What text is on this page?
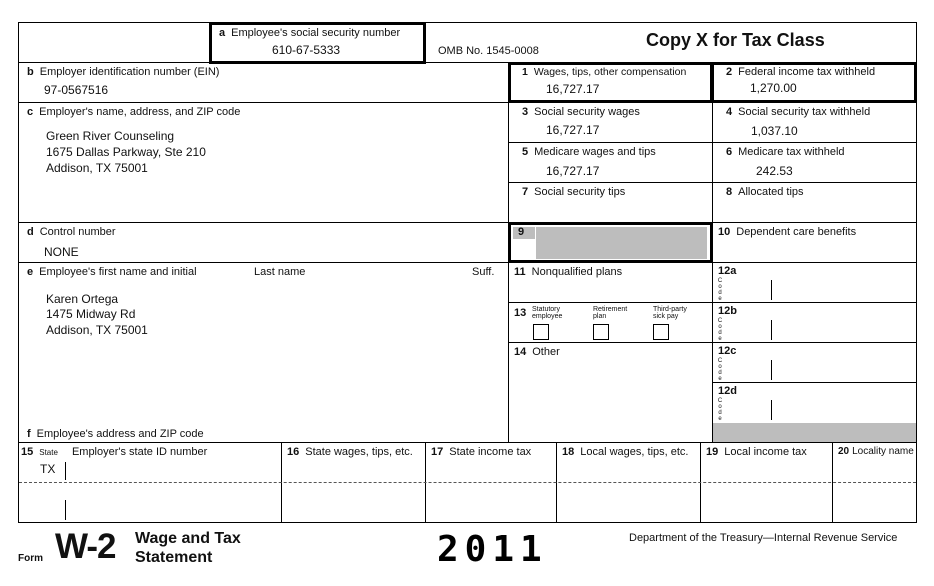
a Employee's social security number
610-67-5333	OMB No. 1545-0008
Copy X for Tax Class
b Employer identification number (EIN)
97-0567516
1 Wages, tips, other compensation
16,727.17
2 Federal income tax withheld
1,270.00
c Employer's name, address, and ZIP code
Green River Counseling
1675 Dallas Parkway, Ste 210
Addison, TX 75001
3 Social security wages
16,727.17
4 Social security tax withheld
1,037.10
5 Medicare wages and tips
16,727.17
6 Medicare tax withheld
242.53
7 Social security tips	8 Allocated tips
d Control number
NONE
9	10 Dependent care benefits
e Employee's first name and initial	Last name	Suff.
Karen Ortega
1475 Midway Rd
Addison, TX 75001
f Employee's address and ZIP code
11 Nonqualified plans
13 Statutory
employee
Retirement
plan
Third-party
sick pay
14 Other
12a
Code
12b
Code
12c
Code
12d
Code
15 State Employer's state ID number
TX
16 State wages, tips, etc. 17 State income tax	18 Local wages, tips, etc. 19 Local income tax	20 Locality name
Form W-2 Wage and Tax
Statement	2011	Department of the Treasury—Internal Revenue Service
